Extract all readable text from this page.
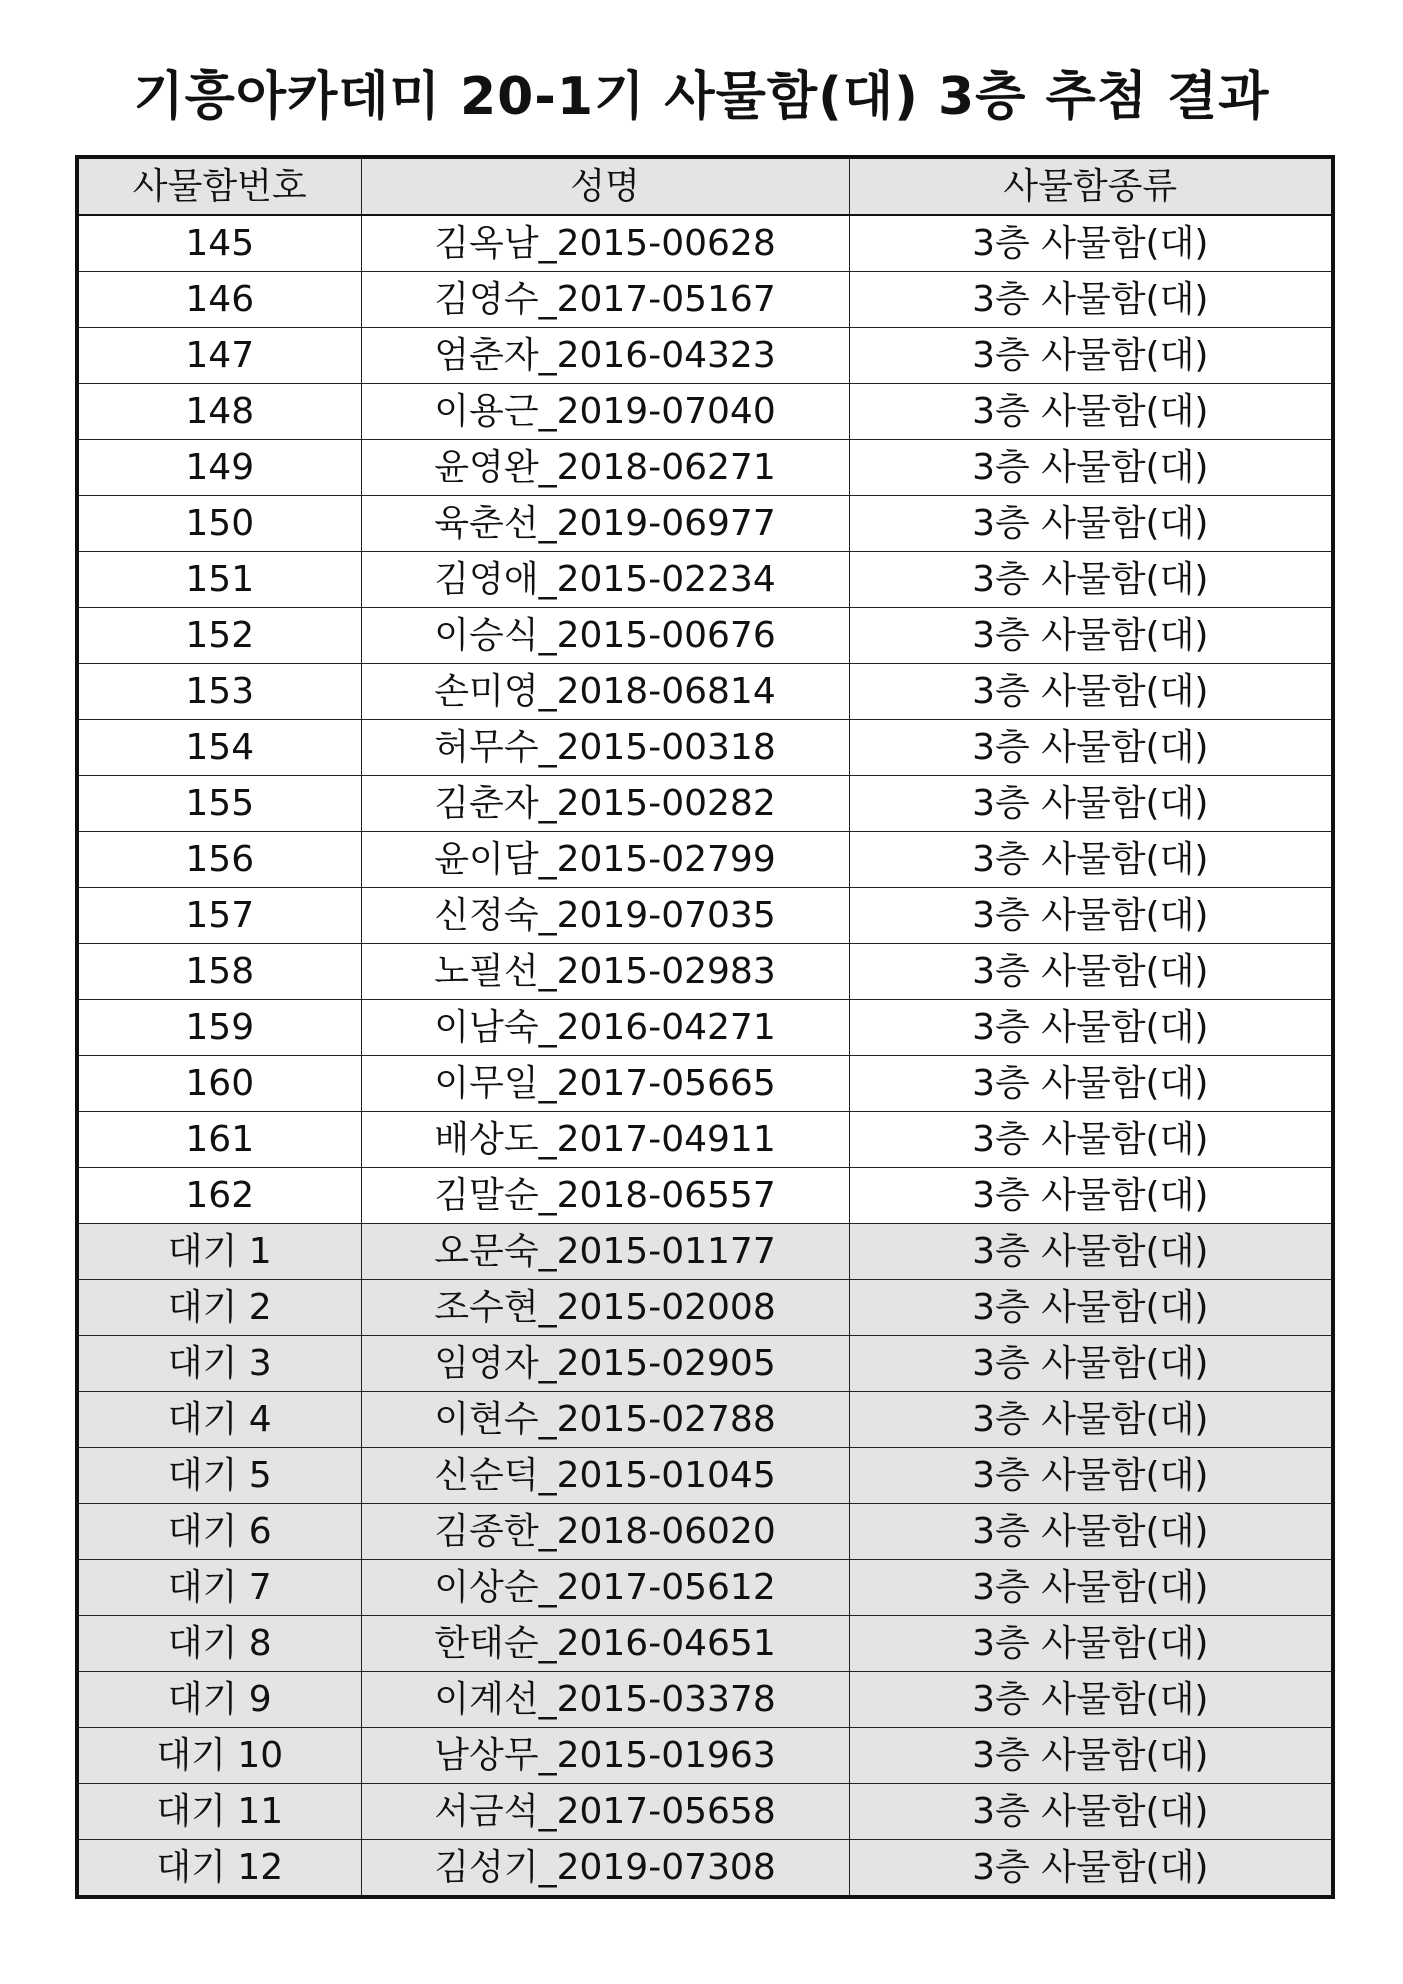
기흥아카데미 20-1기 사물함(대) 3층 추첨 결과
사물함번호	성명	사물함종류
145	김옥남_2015-00628	3층 사물함(대)
146	김영수_2017-05167	3층 사물함(대)
147	엄춘자_2016-04323	3층 사물함(대)
148	이용근_2019-07040	3층 사물함(대)
149	윤영완_2018-06271	3층 사물함(대)
150	육춘선_2019-06977	3층 사물함(대)
151	김영애_2015-02234	3층 사물함(대)
152	이승식_2015-00676	3층 사물함(대)
153	손미영_2018-06814	3층 사물함(대)
154	허무수_2015-00318	3층 사물함(대)
155	김춘자_2015-00282	3층 사물함(대)
156	윤이담_2015-02799	3층 사물함(대)
157	신정숙_2019-07035	3층 사물함(대)
158	노필선_2015-02983	3층 사물함(대)
159	이남숙_2016-04271	3층 사물함(대)
160	이무일_2017-05665	3층 사물함(대)
161	배상도_2017-04911	3층 사물함(대)
162	김말순_2018-06557	3층 사물함(대)
대기 1	오문숙_2015-01177	3층 사물함(대)
대기 2	조수현_2015-02008	3층 사물함(대)
대기 3	임영자_2015-02905	3층 사물함(대)
대기 4	이현수_2015-02788	3층 사물함(대)
대기 5	신순덕_2015-01045	3층 사물함(대)
대기 6	김종한_2018-06020	3층 사물함(대)
대기 7	이상순_2017-05612	3층 사물함(대)
대기 8	한태순_2016-04651	3층 사물함(대)
대기 9	이계선_2015-03378	3층 사물함(대)
대기 10	남상무_2015-01963	3층 사물함(대)
대기 11	서금석_2017-05658	3층 사물함(대)
대기 12	김성기_2019-07308	3층 사물함(대)
